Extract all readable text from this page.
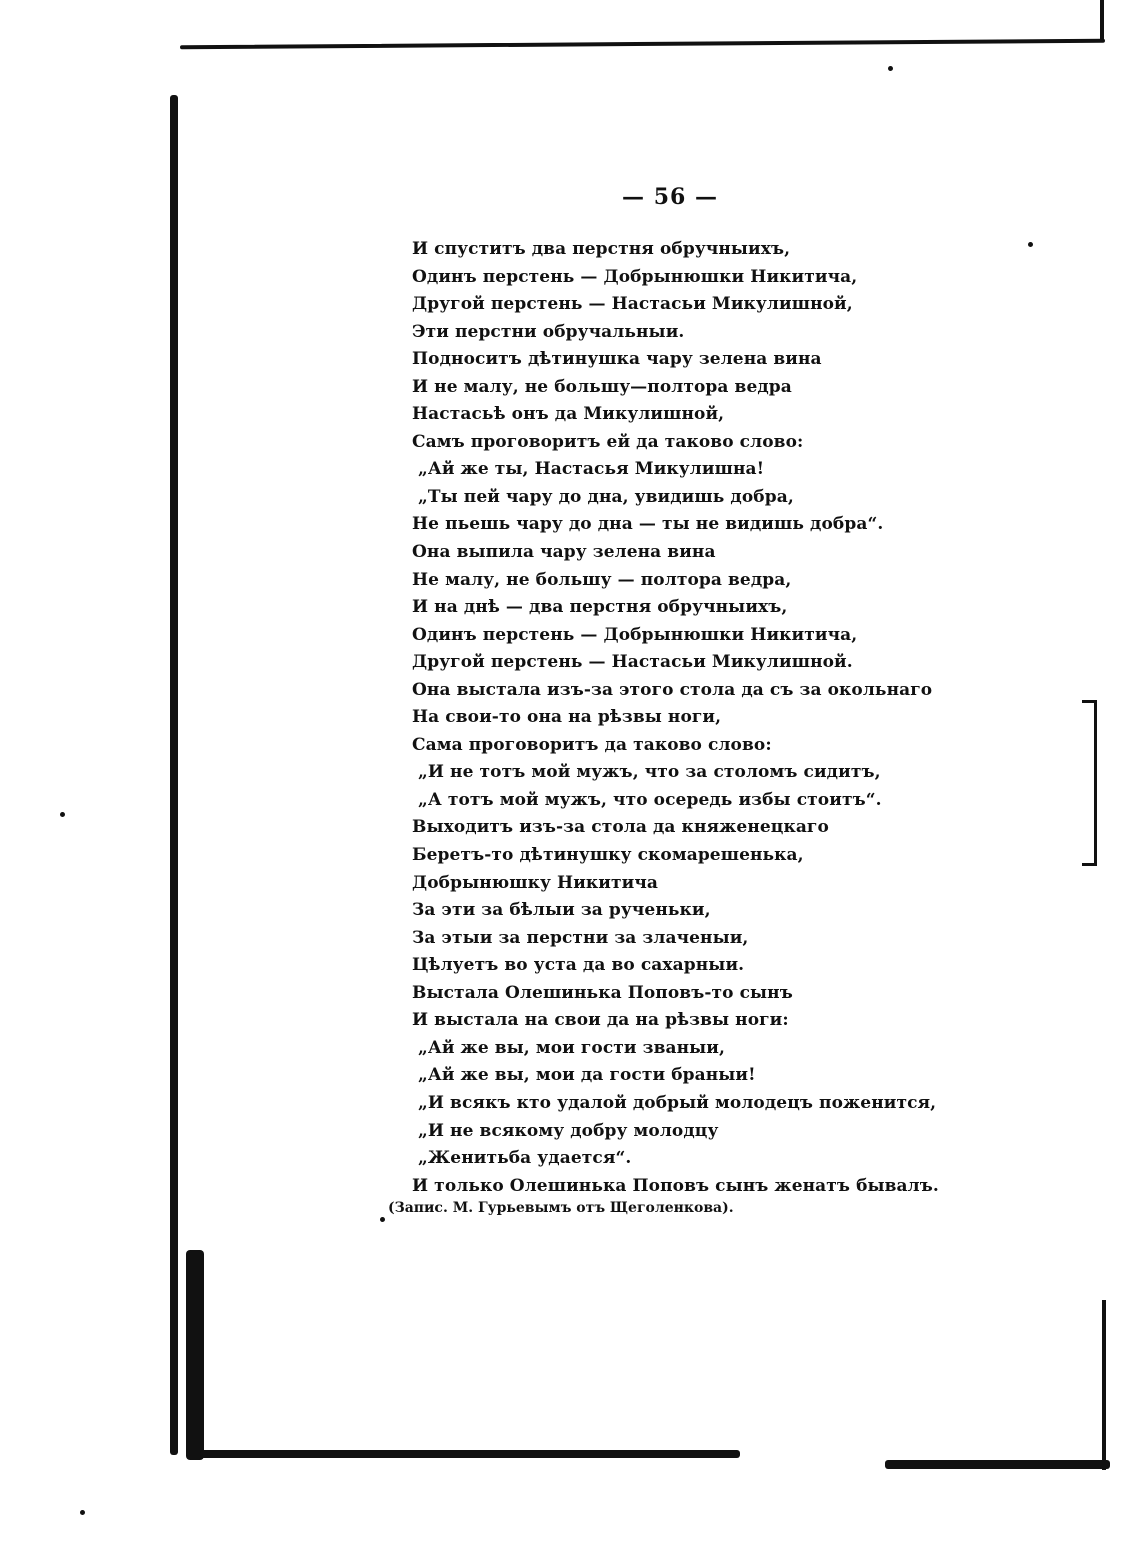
— 56 —
И спуститъ два перстня обручныихъ,
Одинъ перстень — Добрынюшки Никитича,
Другой перстень — Настасьи Микулишной,
Эти перстни обручальныи.
Подноситъ дѣтинушка чару зелена вина
И не малу, не большу—полтора ведра
Настасьѣ онъ да Микулишной,
Самъ проговоритъ ей да таково слово:
„Ай же ты, Настасья Микулишна!
„Ты пей чару до дна, увидишь добра,
Не пьешь чару до дна — ты не видишь добра“.
Она выпила чару зелена вина
Не малу, не большу — полтора ведра,
И на днѣ — два перстня обручныихъ,
Одинъ перстень — Добрынюшки Никитича,
Другой перстень — Настасьи Микулишной.
Она выстала изъ-за этого стола да съ за окольнаго
На свои-то она на рѣзвы ноги,
Сама проговоритъ да таково слово:
„И не тотъ мой мужъ, что за столомъ сидитъ,
„А тотъ мой мужъ, что осередь избы стоитъ“.
Выходитъ изъ-за стола да княженецкаго
Беретъ-то дѣтинушку скомарешенька,
Добрынюшку Никитича
За эти за бѣлыи за рученьки,
За этыи за перстни за злаченыи,
Цѣлуетъ во уста да во сахарныи.
Выстала Олешинька Поповъ-то сынъ
И выстала на свои да на рѣзвы ноги:
„Ай же вы, мои гости званыи,
„Ай же вы, мои да гости браныи!
„И всякъ кто удалой добрый молодецъ поженится,
„И не всякому добру молодцу
„Женитьба удается“.
И только Олешинька Поповъ сынъ женатъ бывалъ.
(Запис. М. Гурьевымъ отъ Щеголенкова).
